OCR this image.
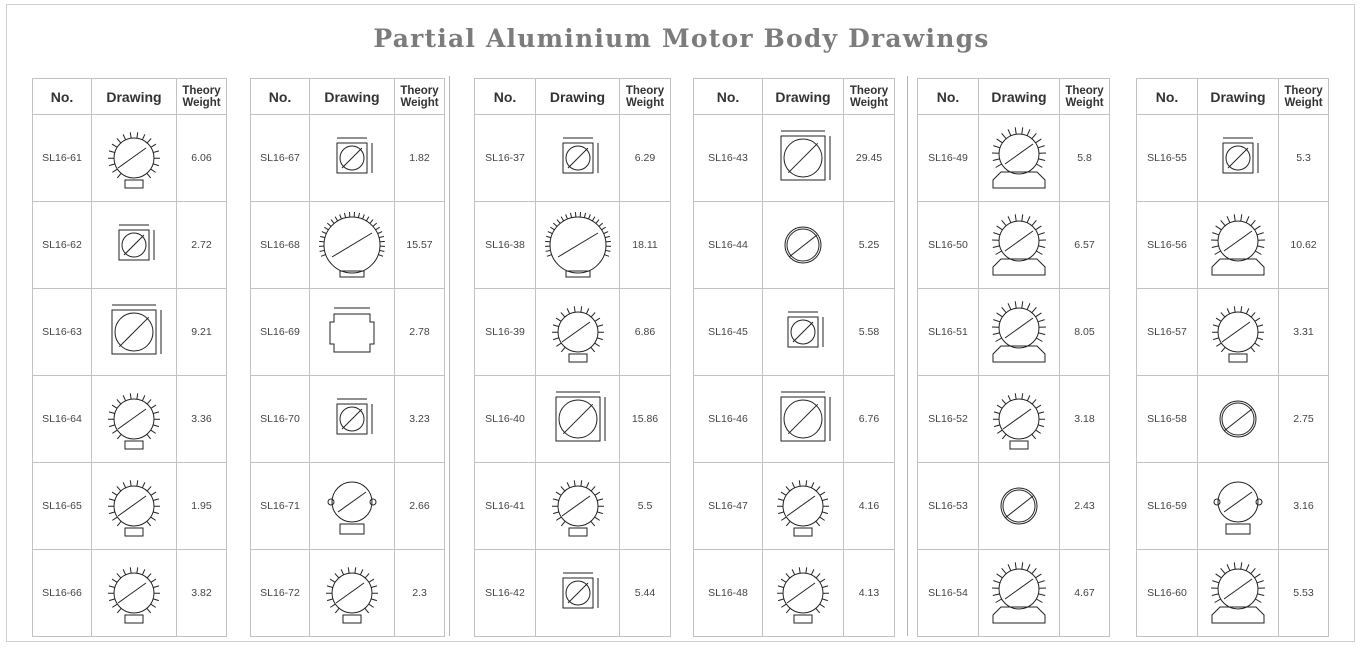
Partial Aluminium Motor Body Drawings
No.	Drawing	Theory
Weight
SL16-61		6.06
SL16-62		2.72
SL16-63		9.21
SL16-64		3.36
SL16-65		1.95
SL16-66		3.82
No.	Drawing	Theory
Weight
SL16-67		1.82
SL16-68		15.57
SL16-69		2.78
SL16-70		3.23
SL16-71		2.66
SL16-72		2.3
No.	Drawing	Theory
Weight
SL16-37		6.29
SL16-38		18.11
SL16-39		6.86
SL16-40		15.86
SL16-41		5.5
SL16-42		5.44
No.	Drawing	Theory
Weight
SL16-43		29.45
SL16-44		5.25
SL16-45		5.58
SL16-46		6.76
SL16-47		4.16
SL16-48		4.13
No.	Drawing	Theory
Weight
SL16-49		5.8
SL16-50		6.57
SL16-51		8.05
SL16-52		3.18
SL16-53		2.43
SL16-54		4.67
No.	Drawing	Theory
Weight
SL16-55		5.3
SL16-56		10.62
SL16-57		3.31
SL16-58		2.75
SL16-59		3.16
SL16-60		5.53
